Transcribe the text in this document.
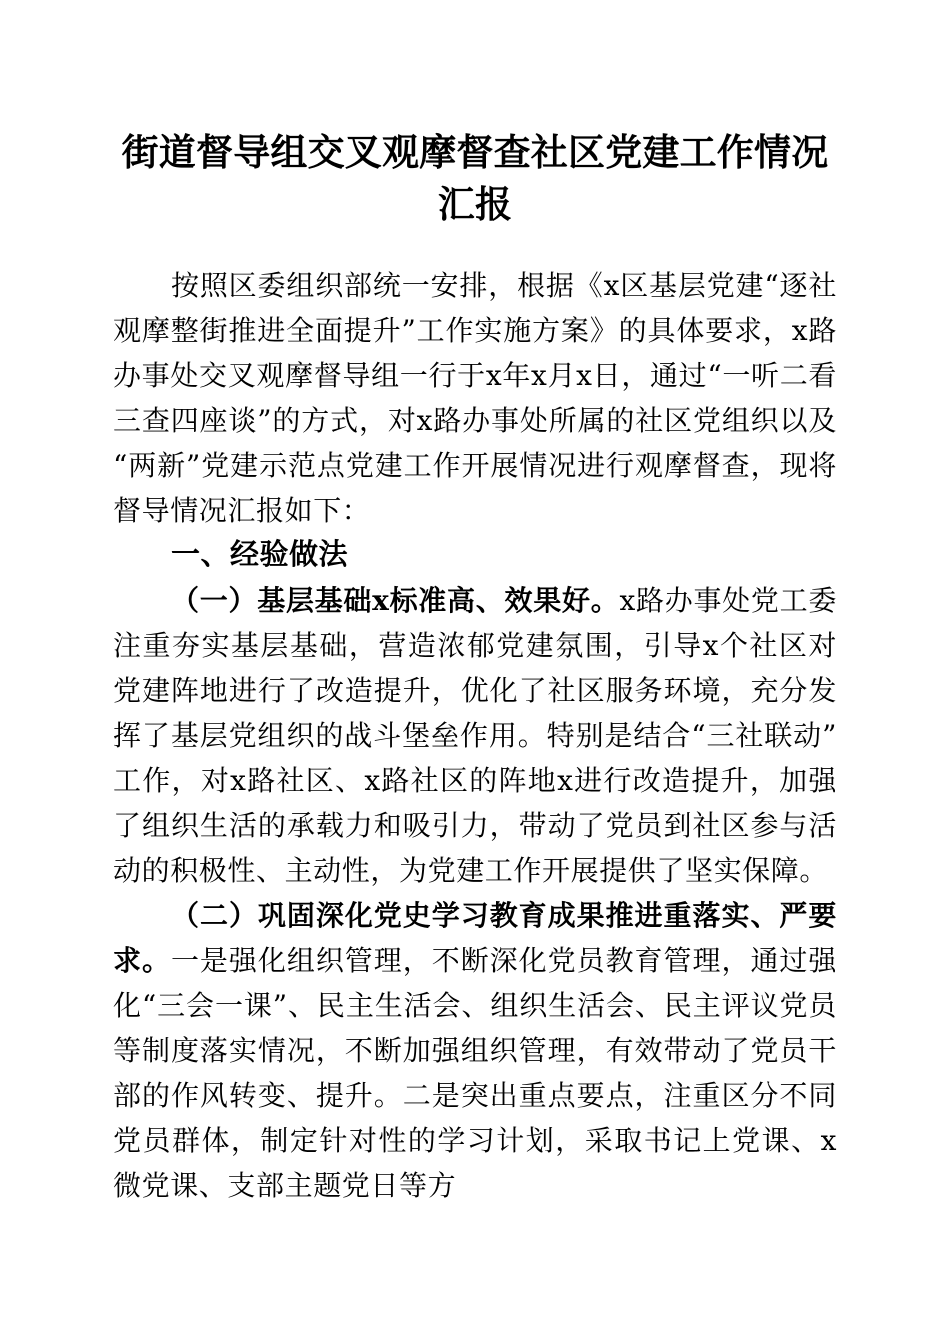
街道督导组交叉观摩督查社区党建工作情况汇报

按照区委组织部统一安排，根据《x区基层党建“逐社观摩整街推进全面提升”工作实施方案》的具体要求，x路办事处交叉观摩督导组一行于x年x月x日，通过“一听二看三查四座谈”的方式，对x路办事处所属的社区党组织以及“两新”党建示范点党建工作开展情况进行观摩督查，现将督导情况汇报如下：

一、经验做法

（一）基层基础x标准高、效果好。x路办事处党工委注重夯实基层基础，营造浓郁党建氛围，引导x个社区对党建阵地进行了改造提升，优化了社区服务环境，充分发挥了基层党组织的战斗堡垒作用。特别是结合“三社联动”工作，对x路社区、x路社区的阵地x进行改造提升，加强了组织生活的承载力和吸引力，带动了党员到社区参与活动的积极性、主动性，为党建工作开展提供了坚实保障。

（二）巩固深化党史学习教育成果推进重落实、严要求。一是强化组织管理，不断深化党员教育管理，通过强化“三会一课”、民主生活会、组织生活会、民主评议党员等制度落实情况，不断加强组织管理，有效带动了党员干部的作风转变、提升。二是突出重点要点，注重区分不同党员群体，制定针对性的学习计划，采取书记上党课、x微党课、支部主题党日等方
